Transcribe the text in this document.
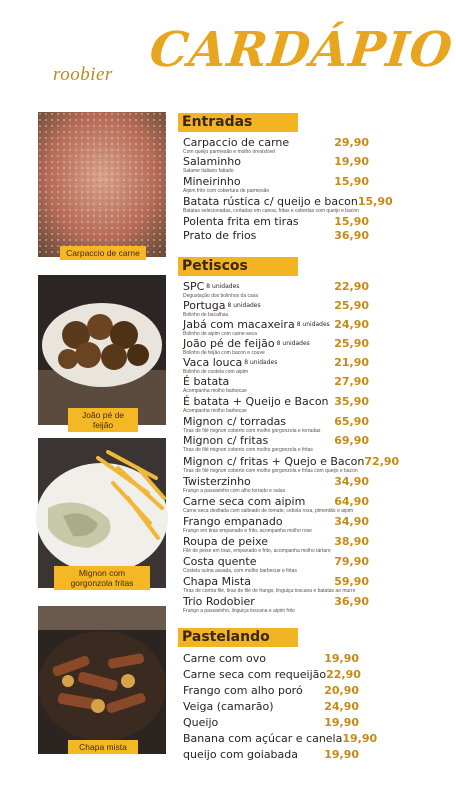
roobier CARDÁPIO
Carpaccio de carne
João pé de feijão
Mignon com gorgonzola fritas
Chapa mista
Entradas
Carpaccio de carne	29,90
Com queijo parmesão e molho irresistível
Salaminho	19,90
Salame italiano fatiado
Mineirinho	15,90
Aipim frito com cobertura de parmesão
Batata rústica c/ queijo e bacon 15,90
Batatas selecionadas, cortadas em canoa, fritas e cobertas com queijo e bacon
Polenta frita em tiras	15,90
Prato de frios	36,90
Petiscos
SPC 8 unidades	22,90
Degustação dos bolinhos da casa
Portuga 8 unidades	25,90
Bolinho de bacalhau
Jabá com macaxeira 8 unidades 24,90
Bolinho de aipim com carne-seca
João pé de feijão 8 unidades 25,90
Bolinho de feijão com bacon e couve
Vaca louca 8 unidades	21,90
Bolinho de costela com aipim
É batata	27,90
Acompanha molho barbecue
É batata + Queijo e Bacon 35,90
Acompanha molho barbecue
Mignon c/ torradas	65,90
Tiras de filé mignon coberto com molho gorgonzola e torradas
Mignon c/ fritas	69,90
Tiras de filé mignon coberto com molho gorgonzola e fritas
Mignon c/ fritas + Quejo e Bacon 72,90
Tiras de filé mignon coberto com molho gorgonzola e fritas com queijo e bacon
Twisterzinho	34,90
Frango a passarinho com alho torrado e salsa
Carne seca com aipim	64,90
Carne seca desfiada com salteado de tomate, cebola roxa, pimentão e aipim
Frango empanado	34,90
Frango em tiras empanado e frito, acompanha molho rose
Roupa de peixe	38,90
Filé de peixe em tiras, empanado e frito, acompanha molho tártaro
Costa quente	79,90
Costela suína assada, com molho barbecue e fritas
Chapa Mista	59,90
Tiras de contra filé, tiras de filé de frango, linguiça toscana e batatas ao murro
Trio Rodobier	36,90
Frango a passarinho, linguiça toscana e aipim frito
Pastelando
Carne com ovo	19,90
Carne seca com requeijão 22,90
Frango com alho poró 20,90
Veiga (camarão)	24,90
Queijo	19,90
Banana com açúcar e canela 19,90
queijo com goiabada 19,90
